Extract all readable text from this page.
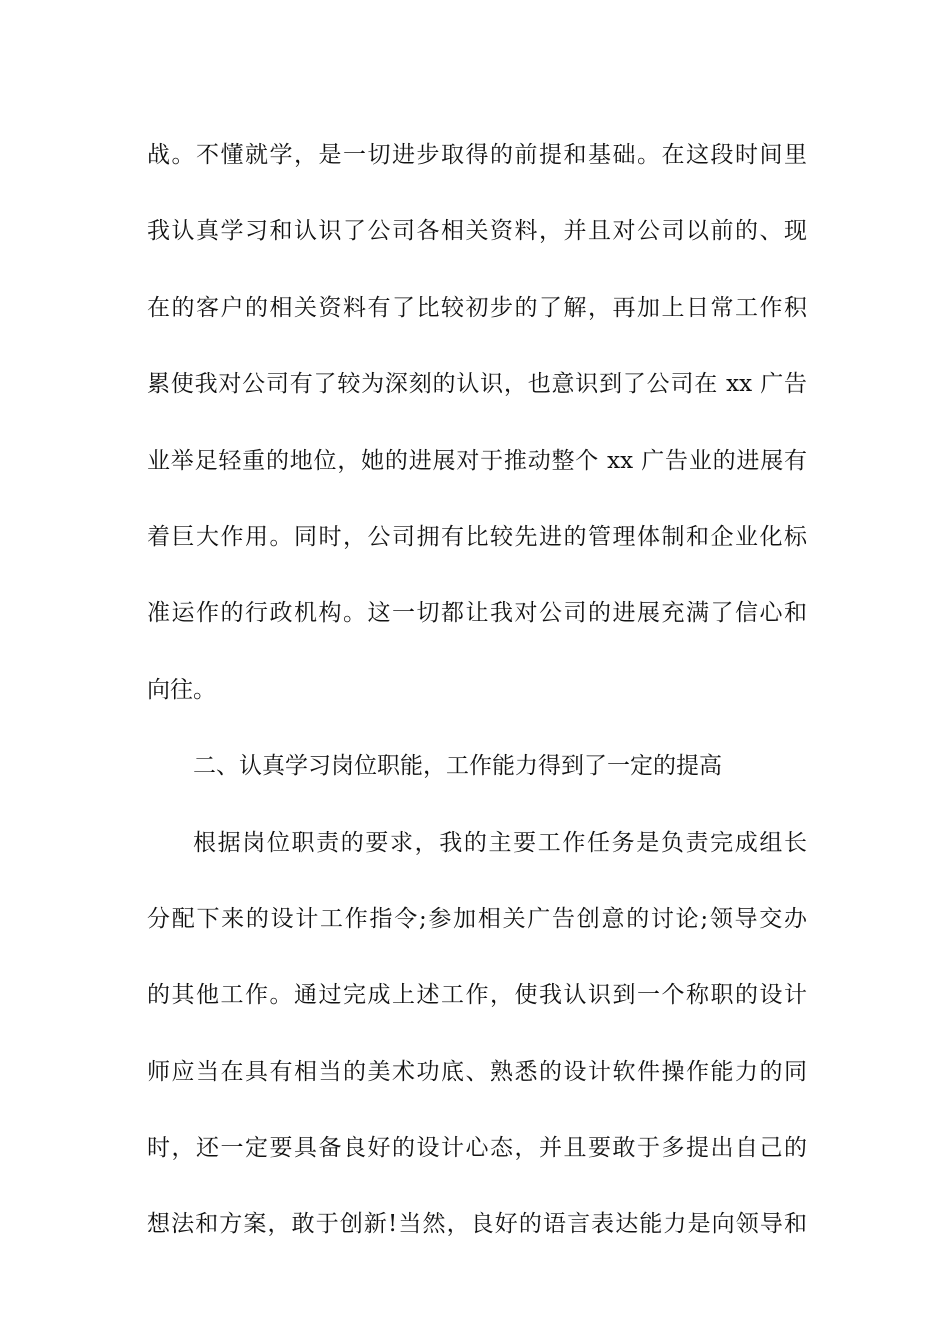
战。不懂就学，是一切进步取得的前提和基础。在这段时间里
我认真学习和认识了公司各相关资料，并且对公司以前的、现
在的客户的相关资料有了比较初步的了解，再加上日常工作积
累使我对公司有了较为深刻的认识，也意识到了公司在 xx 广告
业举足轻重的地位，她的进展对于推动整个 xx 广告业的进展有
着巨大作用。同时，公司拥有比较先进的管理体制和企业化标
准运作的行政机构。这一切都让我对公司的进展充满了信心和
向往。
二、认真学习岗位职能，工作能力得到了一定的提高
根据岗位职责的要求，我的主要工作任务是负责完成组长
分配下来的设计工作指令;参加相关广告创意的讨论;领导交办
的其他工作。通过完成上述工作，使我认识到一个称职的设计
师应当在具有相当的美术功底、熟悉的设计软件操作能力的同
时，还一定要具备良好的设计心态，并且要敢于多提出自己的
想法和方案，敢于创新!当然，良好的语言表达能力是向领导和
